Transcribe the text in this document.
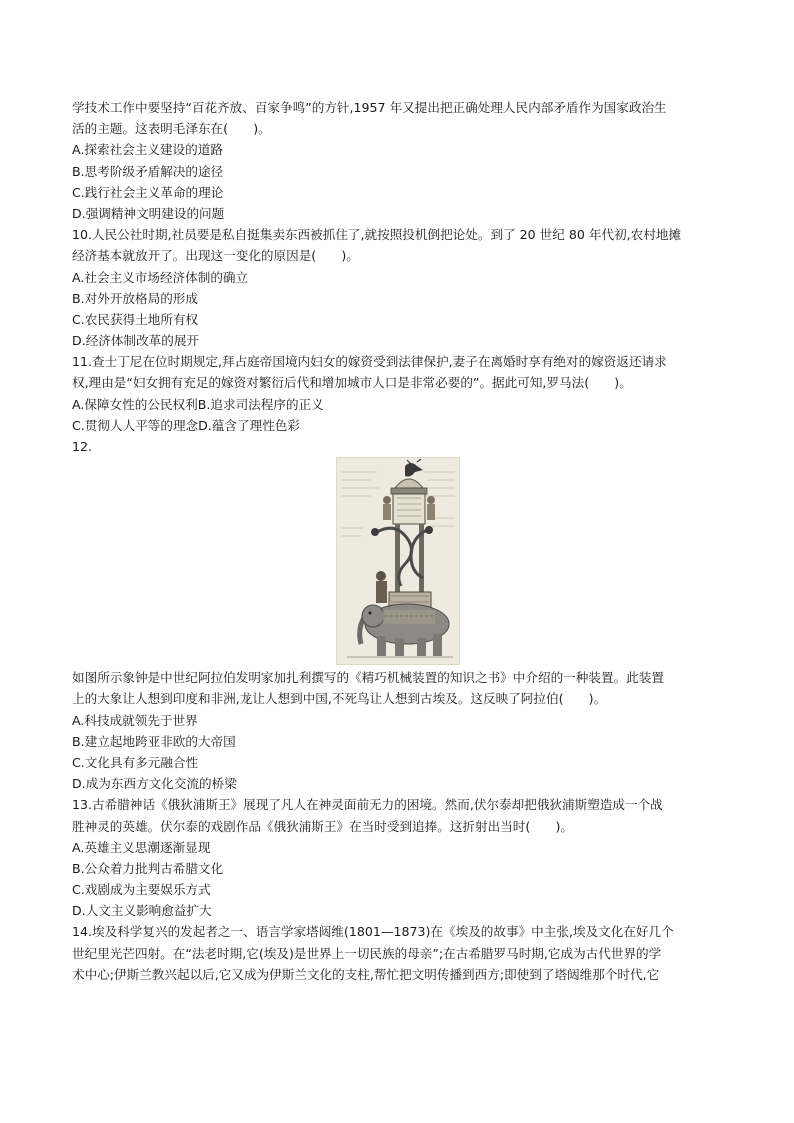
学技术工作中要坚持“百花齐放、百家争鸣”的方针,1957 年又提出把正确处理人民内部矛盾作为国家政治生
活的主题。这表明毛泽东在(　　)。
A.探索社会主义建设的道路
B.思考阶级矛盾解决的途径
C.践行社会主义革命的理论
D.强调精神文明建设的问题
10.人民公社时期,社员要是私自挺集卖东西被抓住了,就按照投机倒把论处。到了 20 世纪 80 年代初,农村地摊
经济基本就放开了。出现这一变化的原因是(　　)。
A.社会主义市场经济体制的确立
B.对外开放格局的形成
C.农民获得土地所有权
D.经济体制改革的展开
11.查士丁尼在位时期规定,拜占庭帝国境内妇女的嫁资受到法律保护,妻子在离婚时享有绝对的嫁资返还请求
权,理由是“妇女拥有充足的嫁资对繁衍后代和增加城市人口是非常必要的”。据此可知,罗马法(　　)。
A.保障女性的公民权利B.追求司法程序的正义
C.贯彻人人平等的理念D.蕴含了理性色彩
12.
如图所示象钟是中世纪阿拉伯发明家加扎利撰写的《精巧机械装置的知识之书》中介绍的一种装置。此装置
上的大象让人想到印度和非洲,龙让人想到中国,不死鸟让人想到古埃及。这反映了阿拉伯(　　)。
A.科技成就领先于世界
B.建立起地跨亚非欧的大帝国
C.文化具有多元融合性
D.成为东西方文化交流的桥梁
13.古希腊神话《俄狄浦斯王》展现了凡人在神灵面前无力的困境。然而,伏尔泰却把俄狄浦斯塑造成一个战
胜神灵的英雄。伏尔泰的戏剧作品《俄狄浦斯王》在当时受到追捧。这折射出当时(　　)。
A.英雄主义思潮逐渐显现
B.公众着力批判古希腊文化
C.戏剧成为主要娱乐方式
D.人文主义影响愈益扩大
14.埃及科学复兴的发起者之一、语言学家塔闼维(1801—1873)在《埃及的故事》中主张,埃及文化在好几个
世纪里光芒四射。在“法老时期,它(埃及)是世界上一切民族的母亲”;在古希腊罗马时期,它成为古代世界的学
术中心;伊斯兰教兴起以后,它又成为伊斯兰文化的支柱,帮忙把文明传播到西方;即使到了塔闼维那个时代,它
